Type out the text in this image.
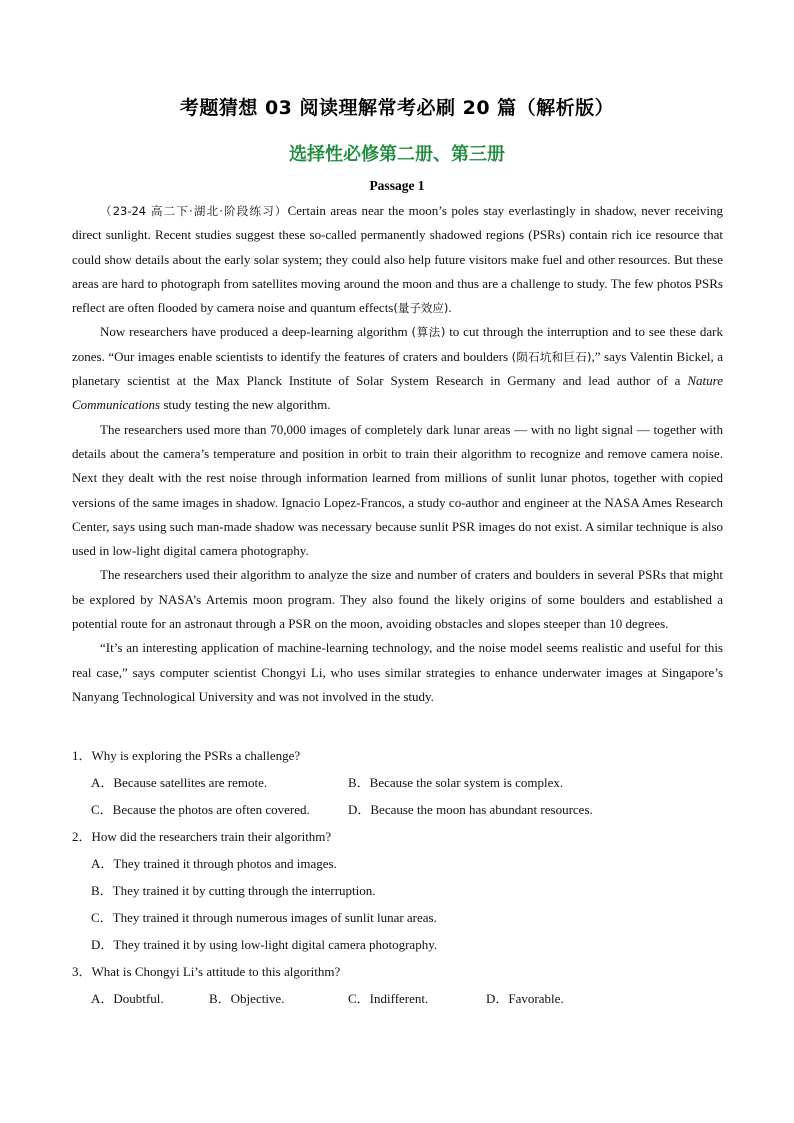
考题猜想 03 阅读理解常考必刷 20 篇（解析版）
选择性必修第二册、第三册
Passage 1

（23-24 高二下·湖北·阶段练习）Certain areas near the moon’s poles stay everlastingly in shadow, never receiving direct sunlight. Recent studies suggest these so-called permanently shadowed regions (PSRs) contain rich ice resource that could show details about the early solar system; they could also help future visitors make fuel and other resources. But these areas are hard to photograph from satellites moving around the moon and thus are a challenge to study. The few photos PSRs reflect are often flooded by camera noise and quantum effects(量子效应).

Now researchers have produced a deep-learning algorithm (算法) to cut through the interruption and to see these dark zones. “Our images enable scientists to identify the features of craters and boulders (陨石坑和巨石),” says Valentin Bickel, a planetary scientist at the Max Planck Institute of Solar System Research in Germany and lead author of a Nature Communications study testing the new algorithm.

The researchers used more than 70,000 images of completely dark lunar areas — with no light signal — together with details about the camera’s temperature and position in orbit to train their algorithm to recognize and remove camera noise. Next they dealt with the rest noise through information learned from millions of sunlit lunar photos, together with copied versions of the same images in shadow. Ignacio Lopez-Francos, a study co-author and engineer at the NASA Ames Research Center, says using such man-made shadow was necessary because sunlit PSR images do not exist. A similar technique is also used in low-light digital camera photography.

The researchers used their algorithm to analyze the size and number of craters and boulders in several PSRs that might be explored by NASA’s Artemis moon program. They also found the likely origins of some boulders and established a potential route for an astronaut through a PSR on the moon, avoiding obstacles and slopes steeper than 10 degrees.

“It’s an interesting application of machine-learning technology, and the noise model seems realistic and useful for this real case,” says computer scientist Chongyi Li, who uses similar strategies to enhance underwater images at Singapore’s Nanyang Technological University and was not involved in the study.

1．Why is exploring the PSRs a challenge?
A．Because satellites are remote.	B．Because the solar system is complex.
C．Because the photos are often covered.	D．Because the moon has abundant resources.
2．How did the researchers train their algorithm?
A．They trained it through photos and images.
B．They trained it by cutting through the interruption.
C．They trained it through numerous images of sunlit lunar areas.
D．They trained it by using low-light digital camera photography.
3．What is Chongyi Li’s attitude to this algorithm?
A．Doubtful.	B．Objective.	C．Indifferent.	D．Favorable.
